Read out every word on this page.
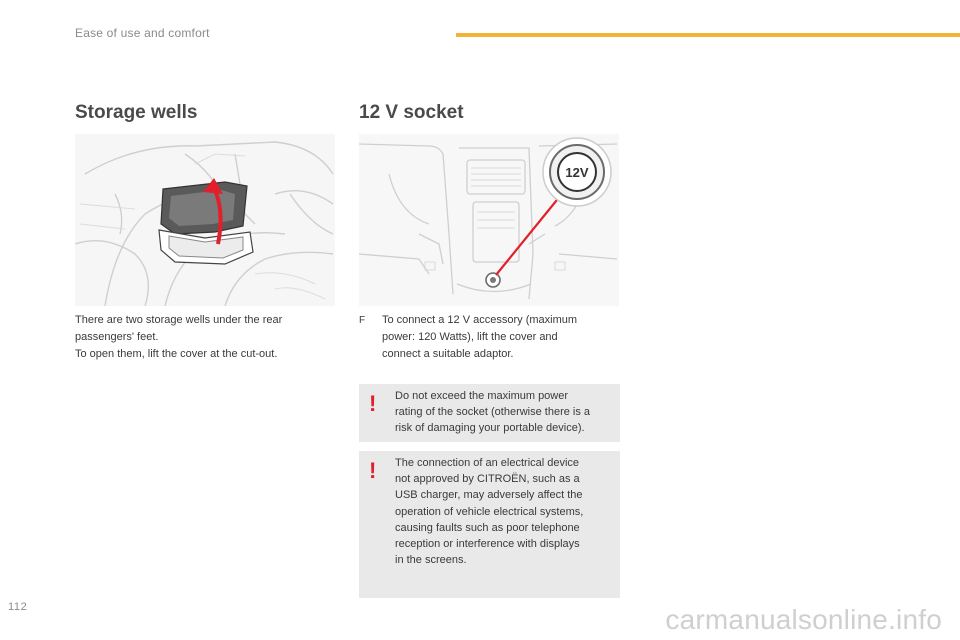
Ease of use and comfort
Storage wells	12 V socket
12V
There are two storage wells under the rear
passengers' feet.
To open them, lift the cover at the cut-out.
F	To connect a 12 V accessory (maximum
power: 120 Watts), lift the cover and
connect a suitable adaptor.
! Do not exceed the maximum power
rating of the socket (otherwise there is a
risk of damaging your portable device).
! The connection of an electrical device
not approved by CITROËN, such as a
USB charger, may adversely affect the
operation of vehicle electrical systems,
causing faults such as poor telephone
reception or interference with displays
in the screens.
112	carmanualsonline.info
